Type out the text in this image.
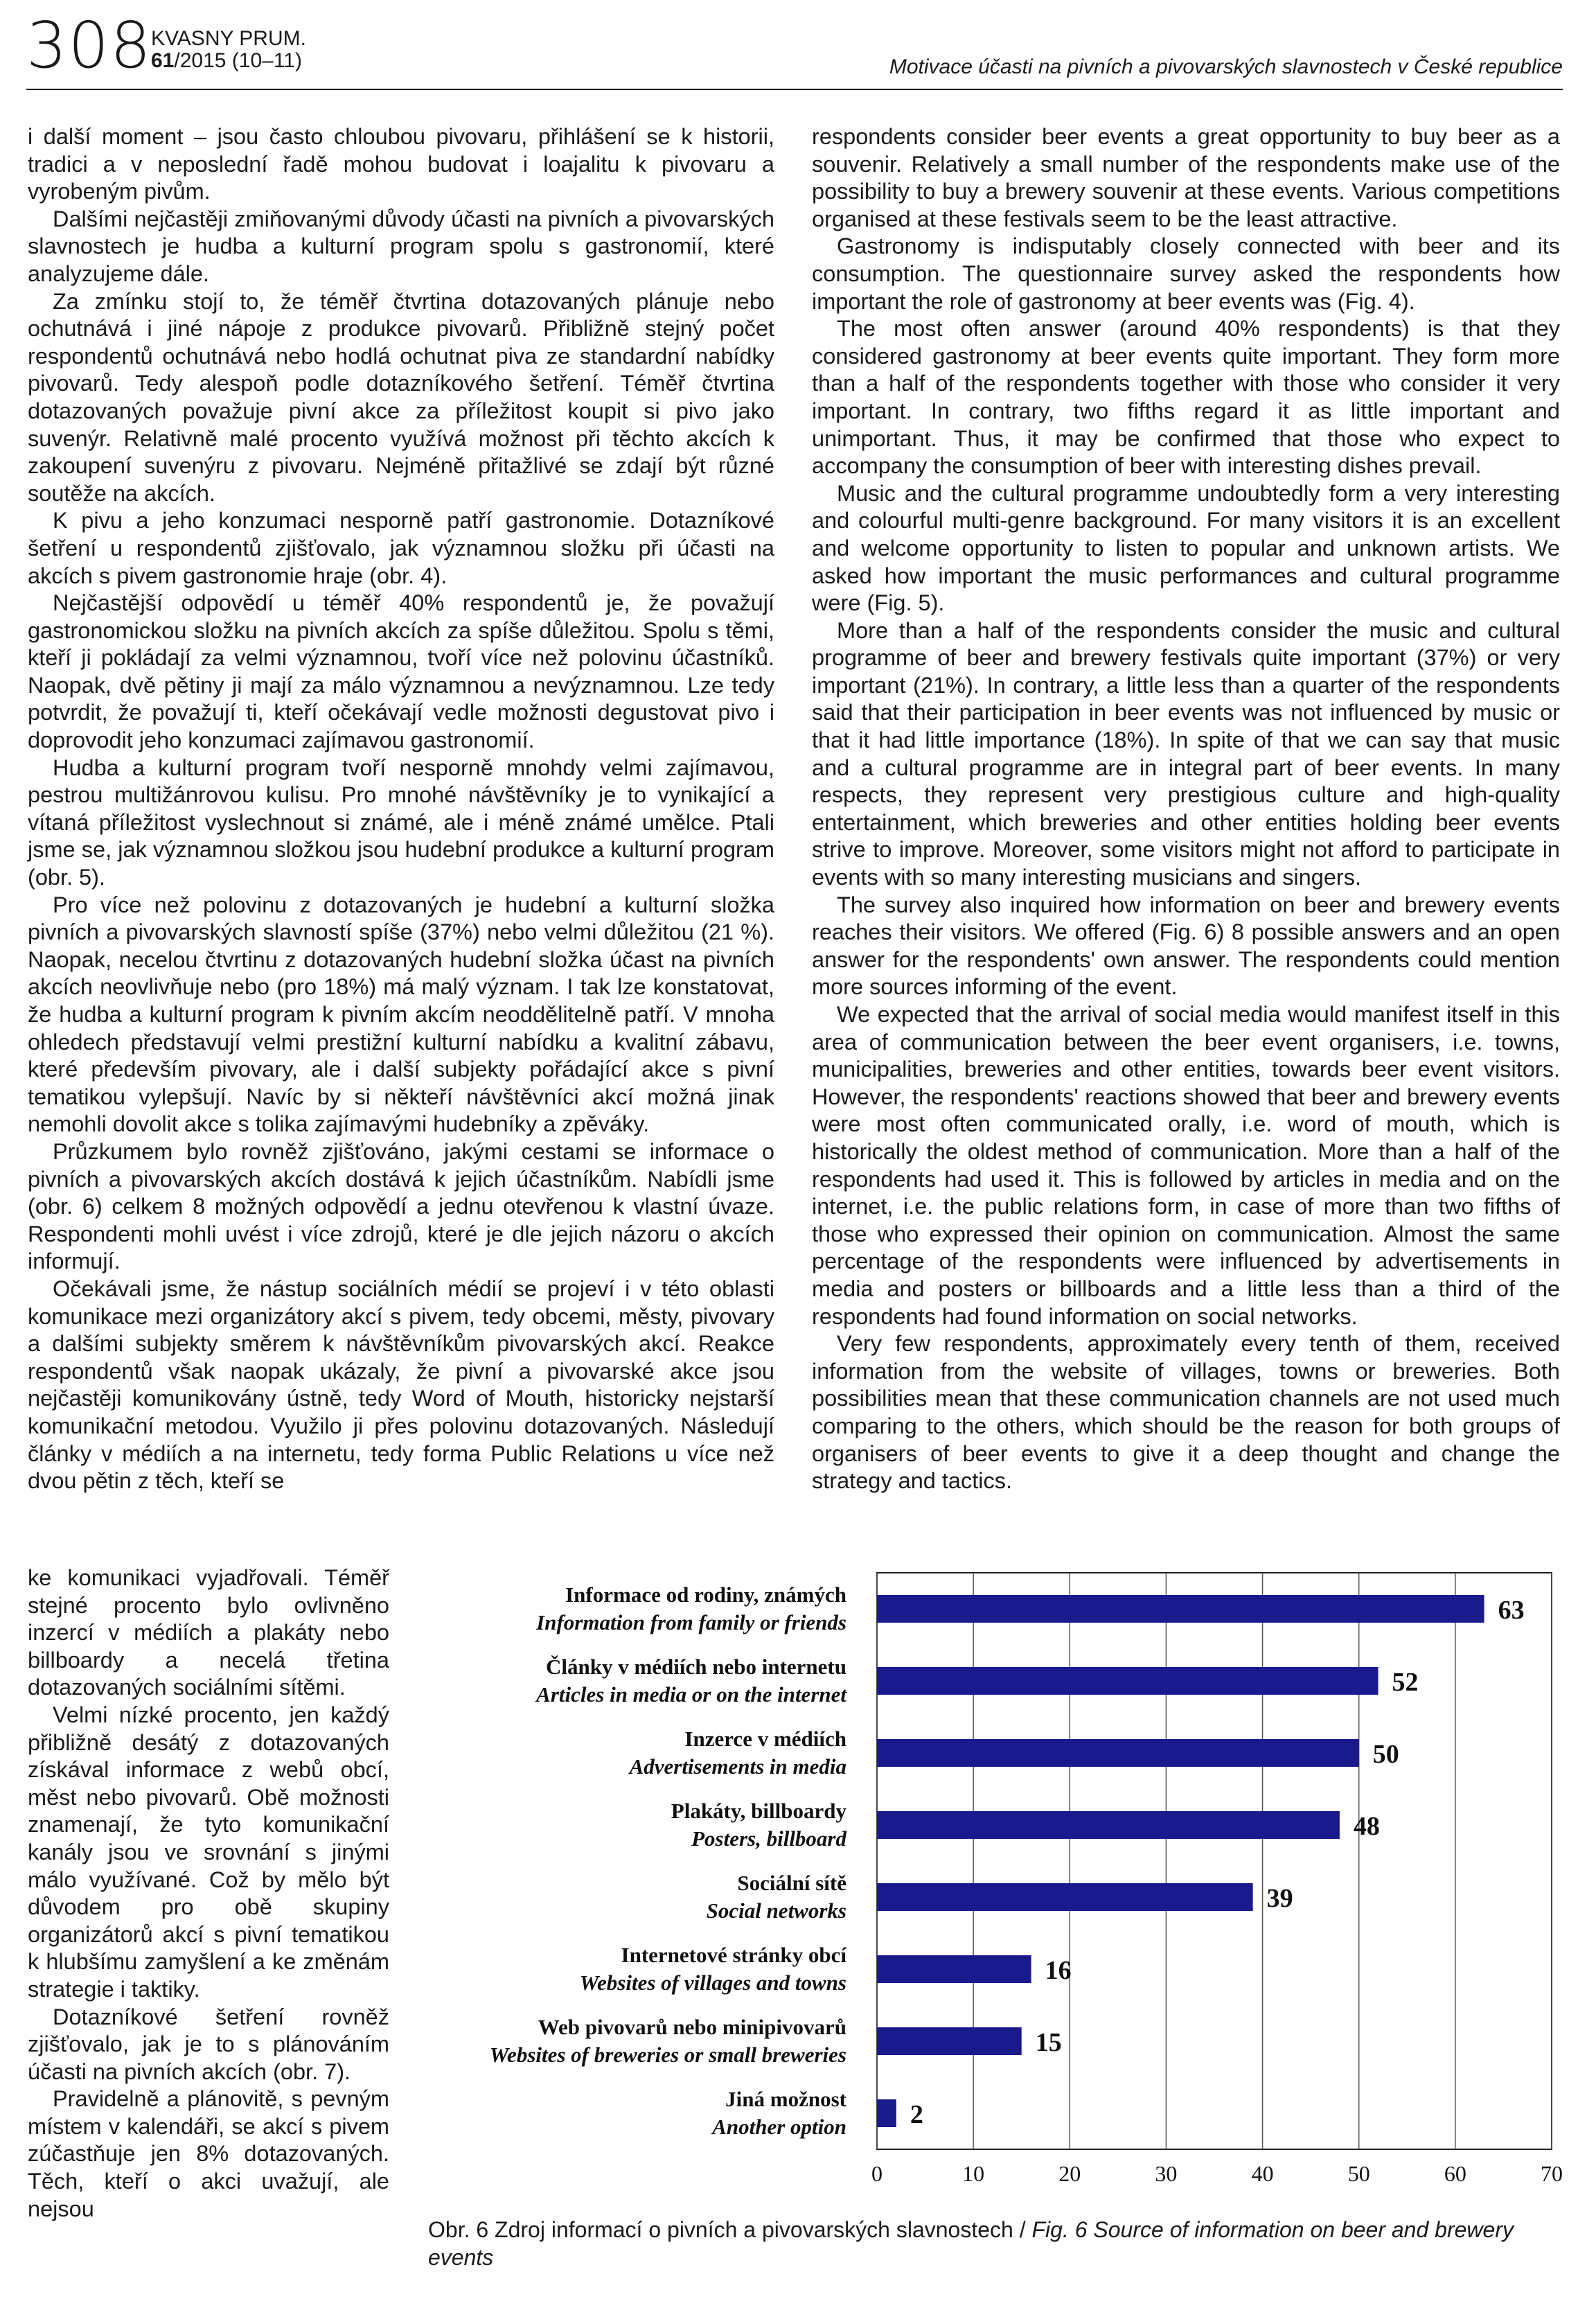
308
KVASNY PRUM.
61/2015 (10–11)	Motivace účasti na pivních a pivovarských slavnostech v České republice

i další moment – jsou často chloubou pivovaru, přihlášení se k historii, tradici a v neposlední řadě mohou budovat i loajalitu k pivovaru a vyrobeným pivům.

Dalšími nejčastěji zmiňovanými důvody účasti na pivních a pivovarských slavnostech je hudba a kulturní program spolu s gastronomií, které analyzujeme dále.

Za zmínku stojí to, že téměř čtvrtina dotazovaných plánuje nebo ochutnává i jiné nápoje z produkce pivovarů. Přibližně stejný počet respondentů ochutnává nebo hodlá ochutnat piva ze standardní nabídky pivovarů. Tedy alespoň podle dotazníkového šetření. Téměř čtvrtina dotazovaných považuje pivní akce za příležitost koupit si pivo jako suvenýr. Relativně malé procento využívá možnost při těchto akcích k zakoupení suvenýru z pivovaru. Nejméně přitažlivé se zdají být různé soutěže na akcích.

K pivu a jeho konzumaci nesporně patří gastronomie. Dotazníkové šetření u respondentů zjišťovalo, jak významnou složku při účasti na akcích s pivem gastronomie hraje (obr. 4).

Nejčastější odpovědí u téměř 40% respondentů je, že považují gastronomickou složku na pivních akcích za spíše důležitou. Spolu s těmi, kteří ji pokládají za velmi významnou, tvoří více než polovinu účastníků. Naopak, dvě pětiny ji mají za málo významnou a nevýznamnou. Lze tedy potvrdit, že považují ti, kteří očekávají vedle možnosti degustovat pivo i doprovodit jeho konzumaci zajímavou gastronomií.

Hudba a kulturní program tvoří nesporně mnohdy velmi zajímavou, pestrou multižánrovou kulisu. Pro mnohé návštěvníky je to vynikající a vítaná příležitost vyslechnout si známé, ale i méně známé umělce. Ptali jsme se, jak významnou složkou jsou hudební produkce a kulturní program (obr. 5).

Pro více než polovinu z dotazovaných je hudební a kulturní složka pivních a pivovarských slavností spíše (37%) nebo velmi důležitou (21 %). Naopak, necelou čtvrtinu z dotazovaných hudební složka účast na pivních akcích neovlivňuje nebo (pro 18%) má malý význam. I tak lze konstatovat, že hudba a kulturní program k pivním akcím neoddělitelně patří. V mnoha ohledech představují velmi prestižní kulturní nabídku a kvalitní zábavu, které především pivovary, ale i další subjekty pořádající akce s pivní tematikou vylepšují. Navíc by si někteří návštěvníci akcí možná jinak nemohli dovolit akce s tolika zajímavými hudebníky a zpěváky.

Průzkumem bylo rovněž zjišťováno, jakými cestami se informace o pivních a pivovarských akcích dostává k jejich účastníkům. Nabídli jsme (obr. 6) celkem 8 možných odpovědí a jednu otevřenou k vlastní úvaze. Respondenti mohli uvést i více zdrojů, které je dle jejich názoru o akcích informují.

Očekávali jsme, že nástup sociálních médií se projeví i v této oblasti komunikace mezi organizátory akcí s pivem, tedy obcemi, městy, pivovary a dalšími subjekty směrem k návštěvníkům pivovarských akcí. Reakce respondentů však naopak ukázaly, že pivní a pivovarské akce jsou nejčastěji komunikovány ústně, tedy Word of Mouth, historicky nejstarší komunikační metodou. Využilo ji přes polovinu dotazovaných. Následují články v médiích a na internetu, tedy forma Public Relations u více než dvou pětin z těch, kteří se

ke komunikaci vyjadřovali. Téměř stejné procento bylo ovlivněno inzercí v médiích a plakáty nebo billboardy a necelá třetina dotazovaných sociálními sítěmi.

Velmi nízké procento, jen každý přibližně desátý z dotazovaných získával informace z webů obcí, měst nebo pivovarů. Obě možnosti znamenají, že tyto komunikační kanály jsou ve srovnání s jinými málo využívané. Což by mělo být důvodem pro obě skupiny organizátorů akcí s pivní tematikou k hlubšímu zamyšlení a ke změnám strategie i taktiky.

Dotazníkové šetření rovněž zjišťovalo, jak je to s plánováním účasti na pivních akcích (obr. 7).

Pravidelně a plánovitě, s pevným místem v kalendáři, se akcí s pivem zúčastňuje jen 8% dotazovaných. Těch, kteří o akci uvažují, ale nejsou

respondents consider beer events a great opportunity to buy beer as a souvenir. Relatively a small number of the respondents make use of the possibility to buy a brewery souvenir at these events. Various competitions organised at these festivals seem to be the least attractive.

Gastronomy is indisputably closely connected with beer and its consumption. The questionnaire survey asked the respondents how important the role of gastronomy at beer events was (Fig. 4).

The most often answer (around 40% respondents) is that they considered gastronomy at beer events quite important. They form more than a half of the respondents together with those who consider it very important. In contrary, two fifths regard it as little important and unimportant. Thus, it may be confirmed that those who expect to accompany the consumption of beer with interesting dishes prevail.

Music and the cultural programme undoubtedly form a very interesting and colourful multi-genre background. For many visitors it is an excellent and welcome opportunity to listen to popular and unknown artists. We asked how important the music performances and cultural programme were (Fig. 5).

More than a half of the respondents consider the music and cultural programme of beer and brewery festivals quite important (37%) or very important (21%). In contrary, a little less than a quarter of the respondents said that their participation in beer events was not influenced by music or that it had little importance (18%). In spite of that we can say that music and a cultural programme are in integral part of beer events. In many respects, they represent very prestigious culture and high-quality entertainment, which breweries and other entities holding beer events strive to improve. Moreover, some visitors might not afford to participate in events with so many interesting musicians and singers.

The survey also inquired how information on beer and brewery events reaches their visitors. We offered (Fig. 6) 8 possible answers and an open answer for the respondents' own answer. The respondents could mention more sources informing of the event.

We expected that the arrival of social media would manifest itself in this area of communication between the beer event organisers, i.e. towns, municipalities, breweries and other entities, towards beer event visitors. However, the respondents' reactions showed that beer and brewery events were most often communicated orally, i.e. word of mouth, which is historically the oldest method of communication. More than a half of the respondents had used it. This is followed by articles in media and on the internet, i.e. the public relations form, in case of more than two fifths of those who expressed their opinion on communication. Almost the same percentage of the respondents were influenced by advertisements in media and posters or billboards and a little less than a third of the respondents had found information on social networks.

Very few respondents, approximately every tenth of them, received information from the website of villages, towns or breweries. Both possibilities mean that these communication channels are not used much comparing to the others, which should be the reason for both groups of organisers of beer events to give it a deep thought and change the strategy and tactics.

0	10	20	30	40	50	60	70
63
Informace od rodiny, známých
Information from family or friends
52
Články v médiích nebo internetu
Articles in media or on the internet
50
Inzerce v médiích
Advertisements in media
48
Plakáty, billboardy
Posters, billboard
39
Sociální sítě
Social networks
16
Internetové stránky obcí
Websites of villages and towns
15
Web pivovarů nebo minipivovarů
Websites of breweries or small breweries
2
Jiná možnost
Another option
Obr. 6 Zdroj informací o pivních a pivovarských slavnostech / Fig. 6 Source of information on beer and brewery events
